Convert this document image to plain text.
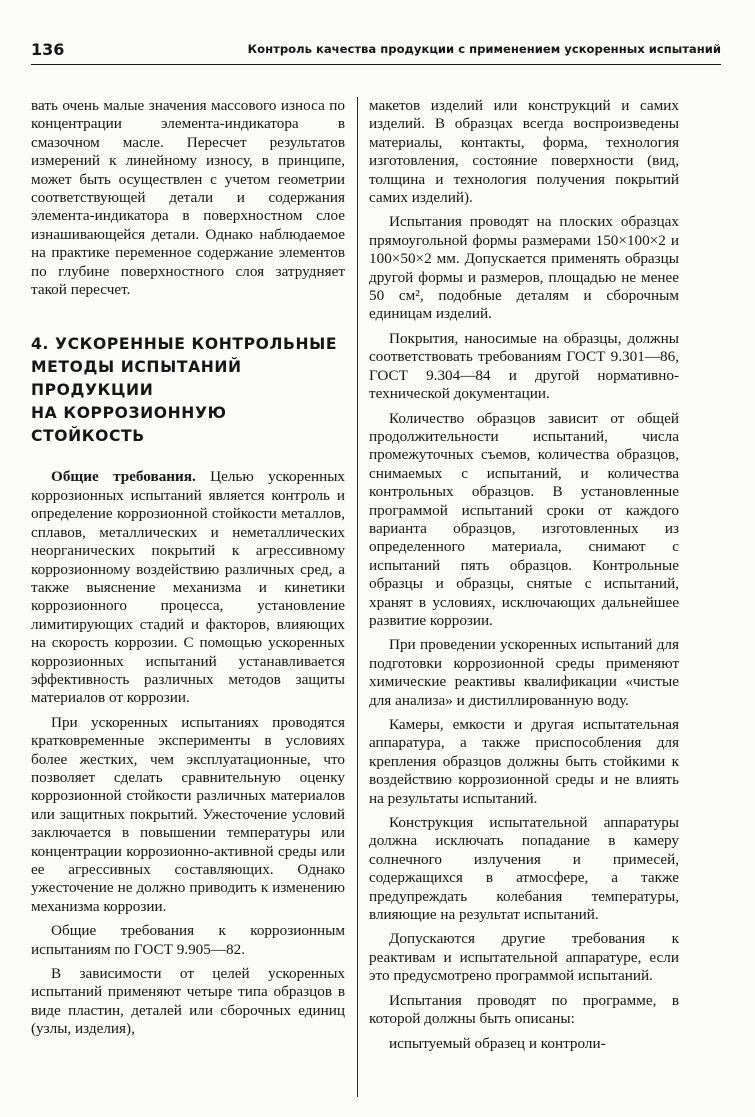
136	Контроль качества продукции с применением ускоренных испытаний

вать очень малые значения массового износа по концентрации элемента-индикатора в смазочном масле. Пересчет результатов измерений к линейному износу, в принципе, может быть осуществлен с учетом геометрии соответствующей детали и содержания элемента-индикатора в поверхностном слое изнашивающейся детали. Однако наблюдаемое на практике переменное содержание элементов по глубине поверхностного слоя затрудняет такой пересчет.

4. УСКОРЕННЫЕ КОНТРОЛЬНЫЕ
МЕТОДЫ ИСПЫТАНИЙ
ПРОДУКЦИИ
НА КОРРОЗИОННУЮ
СТОЙКОСТЬ

Общие требования. Целью ускоренных коррозионных испытаний является контроль и определение коррозионной стойкости металлов, сплавов, металлических и неметаллических неорганических покрытий к агрессивному коррозионному воздействию различных сред, а также выяснение механизма и кинетики коррозионного процесса, установление лимитирующих стадий и факторов, влияющих на скорость коррозии. С помощью ускоренных коррозионных испытаний устанавливается эффективность различных методов защиты материалов от коррозии.

При ускоренных испытаниях проводятся кратковременные эксперименты в условиях более жестких, чем эксплуатационные, что позволяет сделать сравнительную оценку коррозионной стойкости различных материалов или защитных покрытий. Ужесточение условий заключается в повышении температуры или концентрации коррозионно-активной среды или ее агрессивных составляющих. Однако ужесточение не должно приводить к изменению механизма коррозии.

Общие требования к коррозионным испытаниям по ГОСТ 9.905—82.

В зависимости от целей ускоренных испытаний применяют четыре типа образцов в виде пластин, деталей или сборочных единиц (узлы, изделия),

макетов изделий или конструкций и самих изделий. В образцах всегда воспроизведены материалы, контакты, форма, технология изготовления, состояние поверхности (вид, толщина и технология получения покрытий самих изделий).

Испытания проводят на плоских образцах прямоугольной формы размерами 150×100×2 и 100×50×2 мм. Допускается применять образцы другой формы и размеров, площадью не менее 50 см², подобные деталям и сборочным единицам изделий.

Покрытия, наносимые на образцы, должны соответствовать требованиям ГОСТ 9.301—86, ГОСТ 9.304—84 и другой нормативно-технической документации.

Количество образцов зависит от общей продолжительности испытаний, числа промежуточных съемов, количества образцов, снимаемых с испытаний, и количества контрольных образцов. В установленные программой испытаний сроки от каждого варианта образцов, изготовленных из определенного материала, снимают с испытаний пять образцов. Контрольные образцы и образцы, снятые с испытаний, хранят в условиях, исключающих дальнейшее развитие коррозии.

При проведении ускоренных испытаний для подготовки коррозионной среды применяют химические реактивы квалификации «чистые для анализа» и дистиллированную воду.

Камеры, емкости и другая испытательная аппаратура, а также приспособления для крепления образцов должны быть стойкими к воздействию коррозионной среды и не влиять на результаты испытаний.

Конструкция испытательной аппаратуры должна исключать попадание в камеру солнечного излучения и примесей, содержащихся в атмосфере, а также предупреждать колебания температуры, влияющие на результат испытаний.

Допускаются другие требования к реактивам и испытательной аппаратуре, если это предусмотрено программой испытаний.

Испытания проводят по программе, в которой должны быть описаны:

испытуемый образец и контроли-
